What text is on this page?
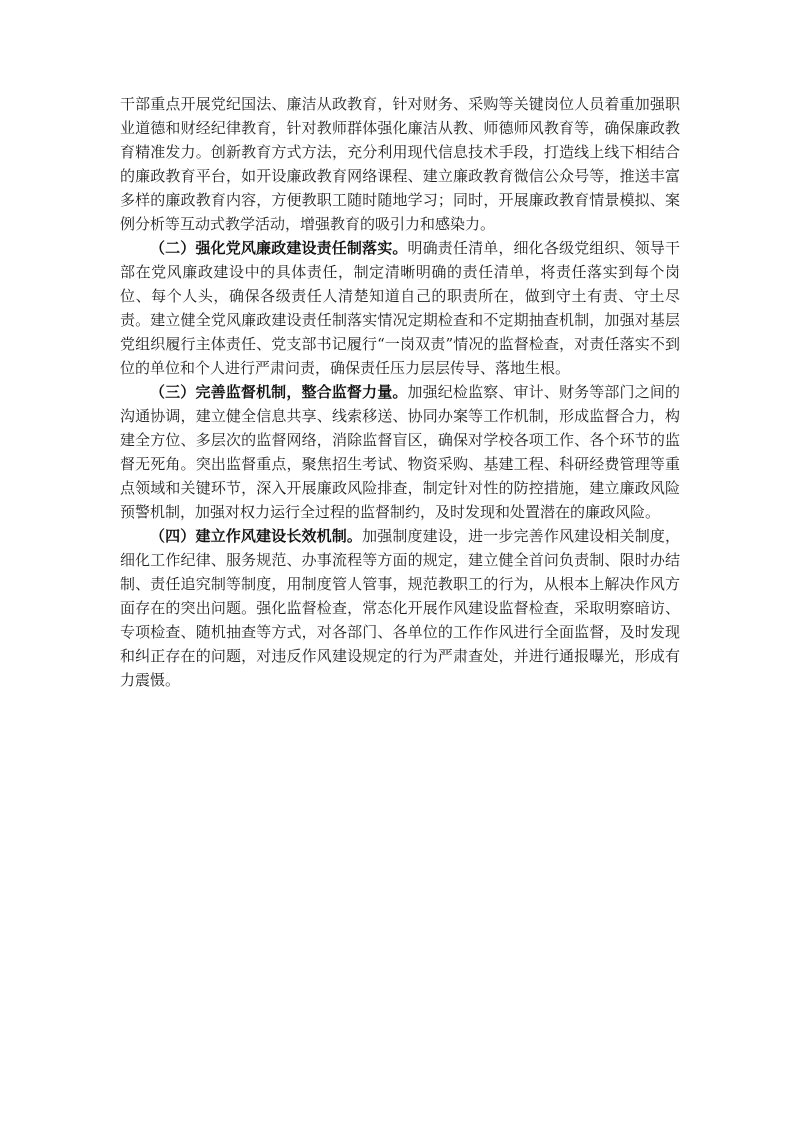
干部重点开展党纪国法、廉洁从政教育，针对财务、采购等关键岗位人员着重加强职业道德和财经纪律教育，针对教师群体强化廉洁从教、师德师风教育等，确保廉政教育精准发力。创新教育方式方法，充分利用现代信息技术手段，打造线上线下相结合的廉政教育平台，如开设廉政教育网络课程、建立廉政教育微信公众号等，推送丰富多样的廉政教育内容，方便教职工随时随地学习；同时，开展廉政教育情景模拟、案例分析等互动式教学活动，增强教育的吸引力和感染力。

（二）强化党风廉政建设责任制落实。明确责任清单，细化各级党组织、领导干部在党风廉政建设中的具体责任，制定清晰明确的责任清单，将责任落实到每个岗位、每个人头，确保各级责任人清楚知道自己的职责所在，做到守土有责、守土尽责。建立健全党风廉政建设责任制落实情况定期检查和不定期抽查机制，加强对基层党组织履行主体责任、党支部书记履行“一岗双责”情况的监督检查，对责任落实不到位的单位和个人进行严肃问责，确保责任压力层层传导、落地生根。

（三）完善监督机制，整合监督力量。加强纪检监察、审计、财务等部门之间的沟通协调，建立健全信息共享、线索移送、协同办案等工作机制，形成监督合力，构建全方位、多层次的监督网络，消除监督盲区，确保对学校各项工作、各个环节的监督无死角。突出监督重点，聚焦招生考试、物资采购、基建工程、科研经费管理等重点领域和关键环节，深入开展廉政风险排查，制定针对性的防控措施，建立廉政风险预警机制，加强对权力运行全过程的监督制约，及时发现和处置潜在的廉政风险。

（四）建立作风建设长效机制。加强制度建设，进一步完善作风建设相关制度，细化工作纪律、服务规范、办事流程等方面的规定，建立健全首问负责制、限时办结制、责任追究制等制度，用制度管人管事，规范教职工的行为，从根本上解决作风方面存在的突出问题。强化监督检查，常态化开展作风建设监督检查，采取明察暗访、专项检查、随机抽查等方式，对各部门、各单位的工作作风进行全面监督，及时发现和纠正存在的问题，对违反作风建设规定的行为严肃查处，并进行通报曝光，形成有力震慑。
